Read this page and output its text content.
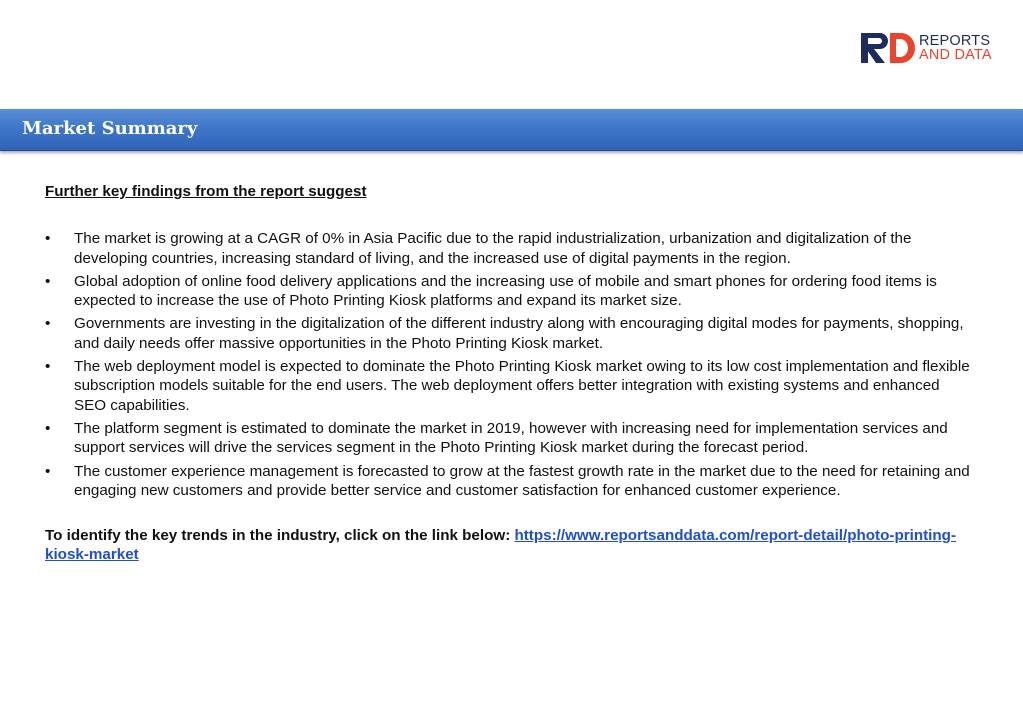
REPORTS
AND DATA
Market Summary

Further key findings from the report suggest

• The market is growing at a CAGR of 0% in Asia Pacific due to the rapid industrialization, urbanization and digitalization of the developing countries, increasing standard of living, and the increased use of digital payments in the region.
• Global adoption of online food delivery applications and the increasing use of mobile and smart phones for ordering food items is expected to increase the use of Photo Printing Kiosk platforms and expand its market size.
• Governments are investing in the digitalization of the different industry along with encouraging digital modes for payments, shopping, and daily needs offer massive opportunities in the Photo Printing Kiosk market.
• The web deployment model is expected to dominate the Photo Printing Kiosk market owing to its low cost implementation and flexible subscription models suitable for the end users. The web deployment offers better integration with existing systems and enhanced SEO capabilities.
• The platform segment is estimated to dominate the market in 2019, however with increasing need for implementation services and support services will drive the services segment in the Photo Printing Kiosk market during the forecast period.
• The customer experience management is forecasted to grow at the fastest growth rate in the market due to the need for retaining and engaging new customers and provide better service and customer satisfaction for enhanced customer experience.

To identify the key trends in the industry, click on the link below: https://www.reportsanddata.com/report-detail/photo-printing-kiosk-market
